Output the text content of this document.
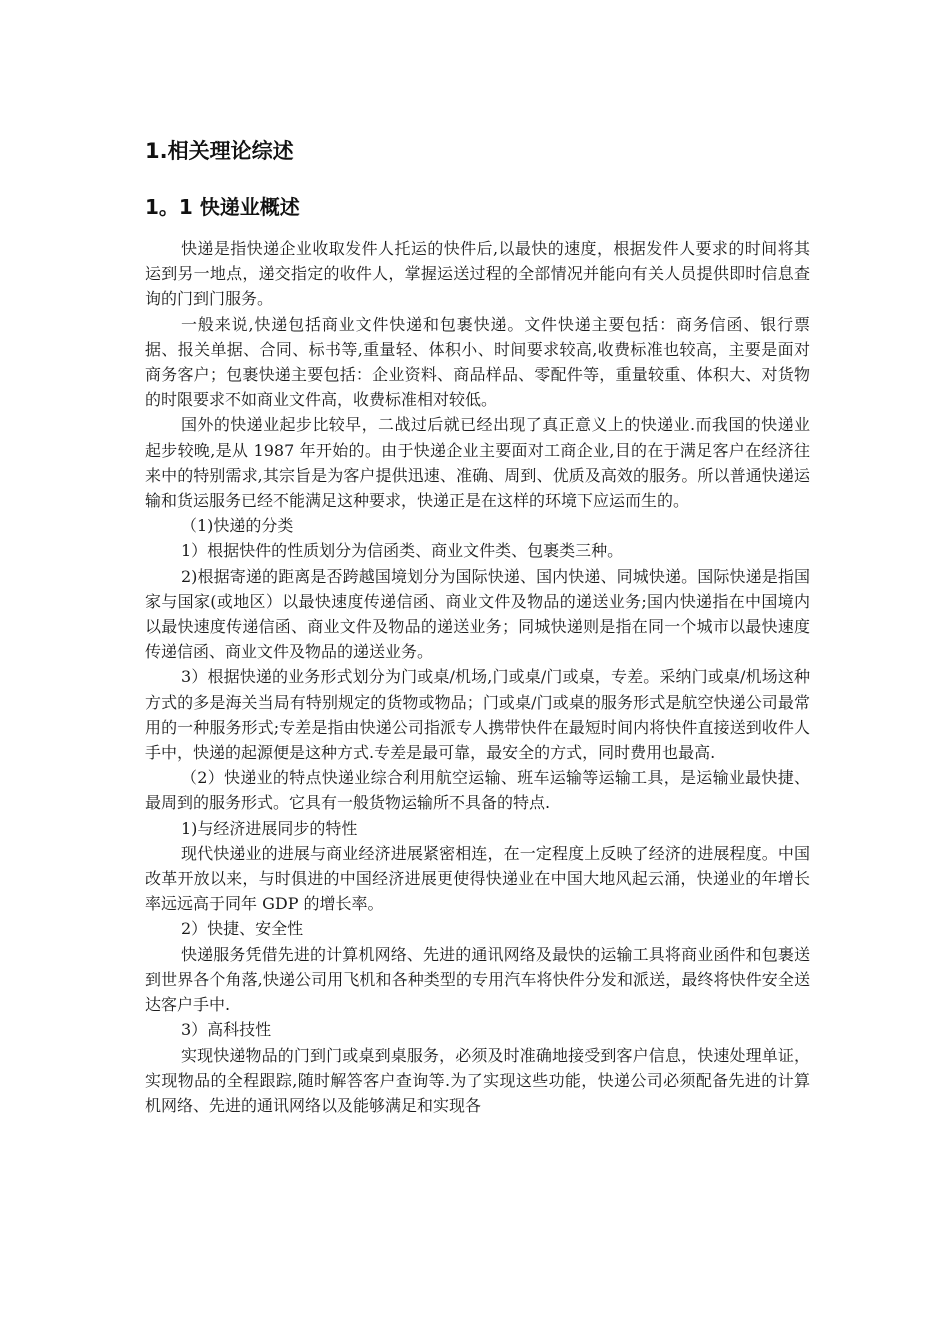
1.相关理论综述
1。1 快递业概述

快递是指快递企业收取发件人托运的快件后,以最快的速度，根据发件人要求的时间将其运到另一地点，递交指定的收件人，掌握运送过程的全部情况并能向有关人员提供即时信息查询的门到门服务。

一般来说,快递包括商业文件快递和包裹快递。文件快递主要包括：商务信函、银行票据、报关单据、合同、标书等,重量轻、体积小、时间要求较高,收费标准也较高，主要是面对商务客户；包裹快递主要包括：企业资料、商品样品、零配件等，重量较重、体积大、对货物的时限要求不如商业文件高，收费标准相对较低。

国外的快递业起步比较早，二战过后就已经出现了真正意义上的快递业.而我国的快递业起步较晚,是从 1987 年开始的。由于快递企业主要面对工商企业,目的在于满足客户在经济往来中的特别需求,其宗旨是为客户提供迅速、准确、周到、优质及高效的服务。所以普通快递运输和货运服务已经不能满足这种要求，快递正是在这样的环境下应运而生的。

（1)快递的分类

1）根据快件的性质划分为信函类、商业文件类、包裹类三种。

2)根据寄递的距离是否跨越国境划分为国际快递、国内快递、同城快递。国际快递是指国家与国家(或地区）以最快速度传递信函、商业文件及物品的递送业务;国内快递指在中国境内以最快速度传递信函、商业文件及物品的递送业务；同城快递则是指在同一个城市以最快速度传递信函、商业文件及物品的递送业务。

3）根据快递的业务形式划分为门或桌/机场,门或桌/门或桌，专差。采纳门或桌/机场这种方式的多是海关当局有特别规定的货物或物品；门或桌/门或桌的服务形式是航空快递公司最常用的一种服务形式;专差是指由快递公司指派专人携带快件在最短时间内将快件直接送到收件人手中，快递的起源便是这种方式.专差是最可靠，最安全的方式，同时费用也最高.

（2）快递业的特点快递业综合利用航空运输、班车运输等运输工具，是运输业最快捷、最周到的服务形式。它具有一般货物运输所不具备的特点.

1)与经济进展同步的特性

现代快递业的进展与商业经济进展紧密相连，在一定程度上反映了经济的进展程度。中国改革开放以来，与时俱进的中国经济进展更使得快递业在中国大地风起云涌，快递业的年增长率远远高于同年 GDP 的增长率。

2）快捷、安全性

快递服务凭借先进的计算机网络、先进的通讯网络及最快的运输工具将商业函件和包裹送到世界各个角落,快递公司用飞机和各种类型的专用汽车将快件分发和派送，最终将快件安全送达客户手中.

3）高科技性

实现快递物品的门到门或桌到桌服务，必须及时准确地接受到客户信息，快速处理单证，实现物品的全程跟踪,随时解答客户查询等.为了实现这些功能，快递公司必须配备先进的计算机网络、先进的通讯网络以及能够满足和实现各
